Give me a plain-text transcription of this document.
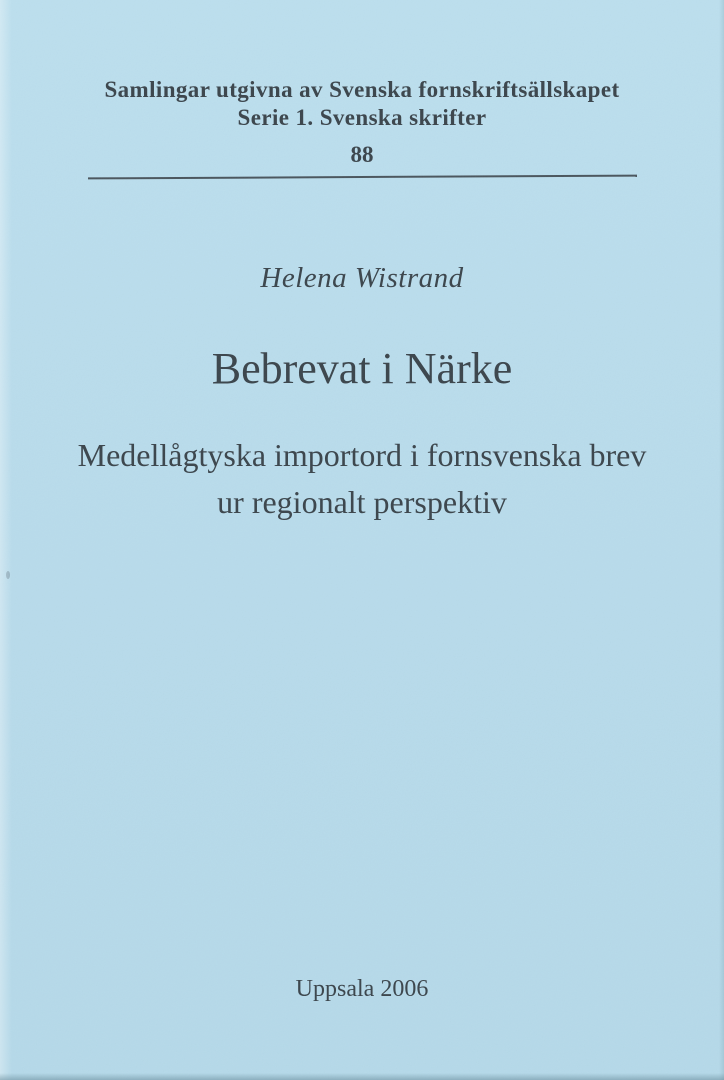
Samlingar utgivna av Svenska fornskriftsällskapet
Serie 1. Svenska skrifter
88
Helena Wistrand
Bebrevat i Närke
Medellågtyska importord i fornsvenska brev
ur regionalt perspektiv
Uppsala 2006
